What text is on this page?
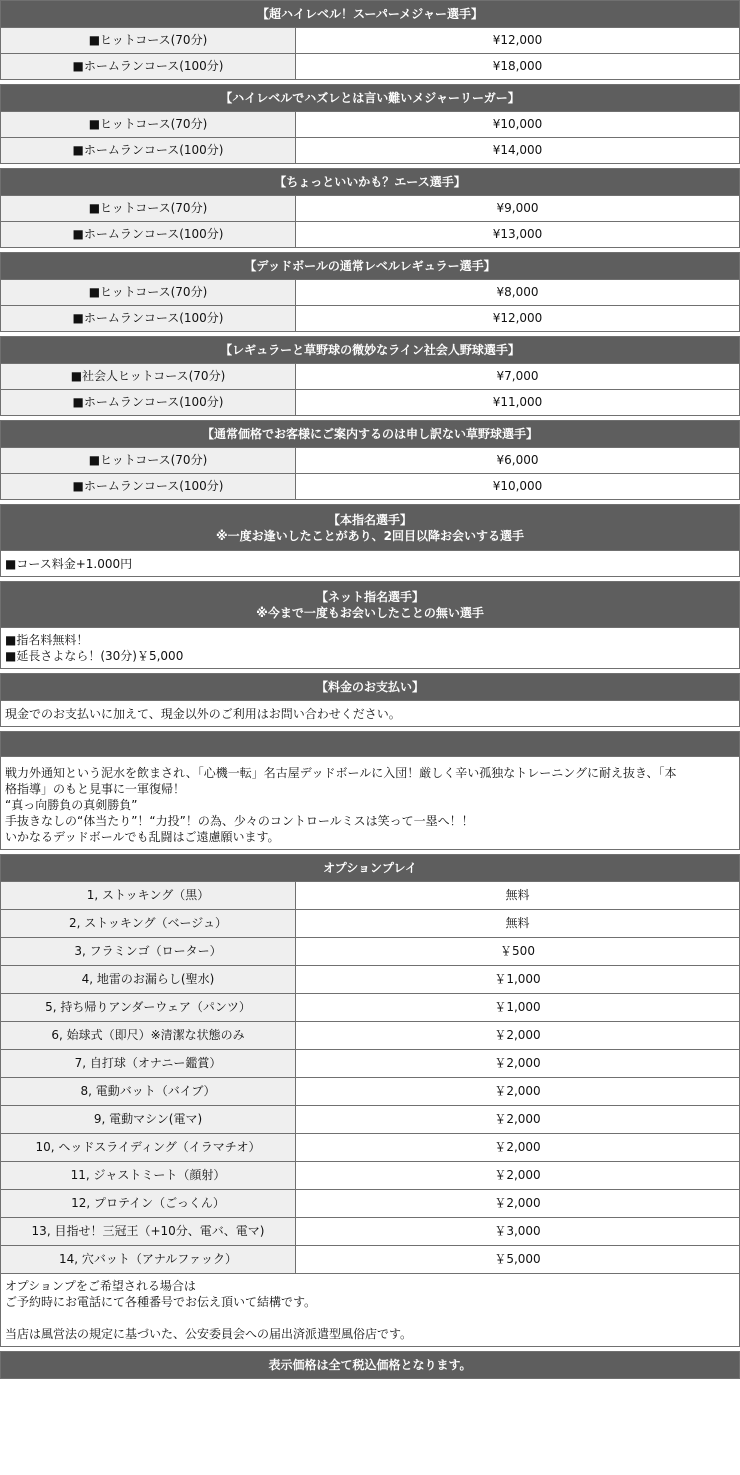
【超ハイレベル！スーパーメジャー選手】
■ヒットコース(70分)	¥12,000
■ホームランコース(100分)	¥18,000
【ハイレベルでハズレとは言い難いメジャーリーガー】
■ヒットコース(70分)	¥10,000
■ホームランコース(100分)	¥14,000
【ちょっといいかも？エース選手】
■ヒットコース(70分)	¥9,000
■ホームランコース(100分)	¥13,000
【デッドボールの通常レベルレギュラー選手】
■ヒットコース(70分)	¥8,000
■ホームランコース(100分)	¥12,000
【レギュラーと草野球の微妙なライン社会人野球選手】
■社会人ヒットコース(70分)	¥7,000
■ホームランコース(100分)	¥11,000
【通常価格でお客様にご案内するのは申し訳ない草野球選手】
■ヒットコース(70分)	¥6,000
■ホームランコース(100分)	¥10,000
【本指名選手】
※一度お逢いしたことがあり、2回目以降お会いする選手
■コース料金+1.000円
【ネット指名選手】
※今まで一度もお会いしたことの無い選手

■指名料無料！

■延長さよなら！(30分)￥5,000

【料金のお支払い】
現金でのお支払いに加えて、現金以外のご利用はお問い合わせください。

戦力外通知という泥水を飲まされ、「心機一転」名古屋デッドボールに入団！厳しく辛い孤独なトレーニングに耐え抜き、「本

格指導」のもと見事に一軍復帰！

“真っ向勝負の真剣勝負”

手抜きなしの“体当たり”！“力投”！の為、少々のコントロールミスは笑って一塁へ！！

いかなるデッドボールでも乱闘はご遠慮願います。

オプションプレイ
1, ストッキング（黒）	無料
2, ストッキング（ベージュ）	無料
3, フラミンゴ（ローター）	￥500
4, 地雷のお漏らし(聖水)	￥1,000
5, 持ち帰りアンダーウェア（パンツ）	￥1,000
6, 始球式（即尺）※清潔な状態のみ	￥2,000
7, 自打球（オナニー鑑賞）	￥2,000
8, 電動バット（バイブ）	￥2,000
9, 電動マシン(電マ)	￥2,000
10, ヘッドスライディング（イラマチオ）	￥2,000
11, ジャストミート（顔射）	￥2,000
12, プロテイン（ごっくん）	￥2,000
13, 目指せ！三冠王（+10分、電バ、電マ)	￥3,000
14, 穴バット（アナルファック）	￥5,000

オプションプをご希望される場合は

ご予約時にお電話にて各種番号でお伝え頂いて結構です。

当店は風営法の規定に基づいた、公安委員会への届出済派遣型風俗店です。

表示価格は全て税込価格となります。
